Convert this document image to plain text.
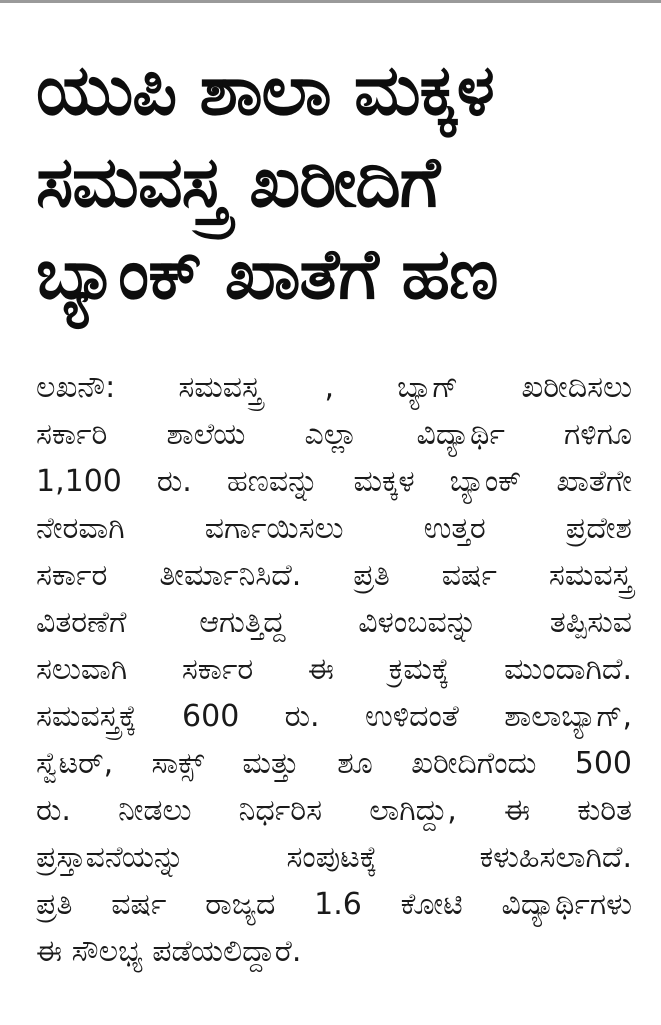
ಯುಪಿ ಶಾಲಾ ಮಕ್ಕಳ
ಸಮವಸ್ತ್ರ ಖರೀದಿಗೆ
ಬ್ಯಾಂಕ್ ಖಾತೆಗೆ ಹಣ
ಲಖನೌ: ಸಮವಸ್ತ್ರ , ಬ್ಯಾಗ್ ಖರೀದಿಸಲು
ಸರ್ಕಾರಿ ಶಾಲೆಯ ಎಲ್ಲಾ ವಿದ್ಯಾರ್ಥಿ ಗಳಿಗೂ
1,100 ರು. ಹಣವನ್ನು ಮಕ್ಕಳ ಬ್ಯಾಂಕ್ ಖಾತೆಗೇ
ನೇರವಾಗಿ ವರ್ಗಾಯಿಸಲು ಉತ್ತರ ಪ್ರದೇಶ
ಸರ್ಕಾರ ತೀರ್ಮಾನಿಸಿದೆ. ಪ್ರತಿ ವರ್ಷ ಸಮವಸ್ತ್ರ
ವಿತರಣೆಗೆ ಆಗುತ್ತಿದ್ದ ವಿಳಂಬವನ್ನು ತಪ್ಪಿಸುವ
ಸಲುವಾಗಿ ಸರ್ಕಾರ ಈ ಕ್ರಮಕ್ಕೆ ಮುಂದಾಗಿದೆ.
ಸಮವಸ್ತ್ರಕ್ಕೆ 600 ರು. ಉಳಿದಂತೆ ಶಾಲಾಬ್ಯಾಗ್,
ಸ್ವೆಟರ್, ಸಾಕ್ಸ್ ಮತ್ತು ಶೂ ಖರೀದಿಗೆಂದು 500
ರು. ನೀಡಲು ನಿರ್ಧರಿಸ ಲಾಗಿದ್ದು, ಈ ಕುರಿತ
ಪ್ರಸ್ತಾವನೆಯನ್ನು ಸಂಪುಟಕ್ಕೆ ಕಳುಹಿಸಲಾಗಿದೆ.
ಪ್ರತಿ ವರ್ಷ ರಾಜ್ಯದ 1.6 ಕೋಟಿ ವಿದ್ಯಾರ್ಥಿಗಳು
ಈ ಸೌಲಭ್ಯ ಪಡೆಯಲಿದ್ದಾರೆ.
